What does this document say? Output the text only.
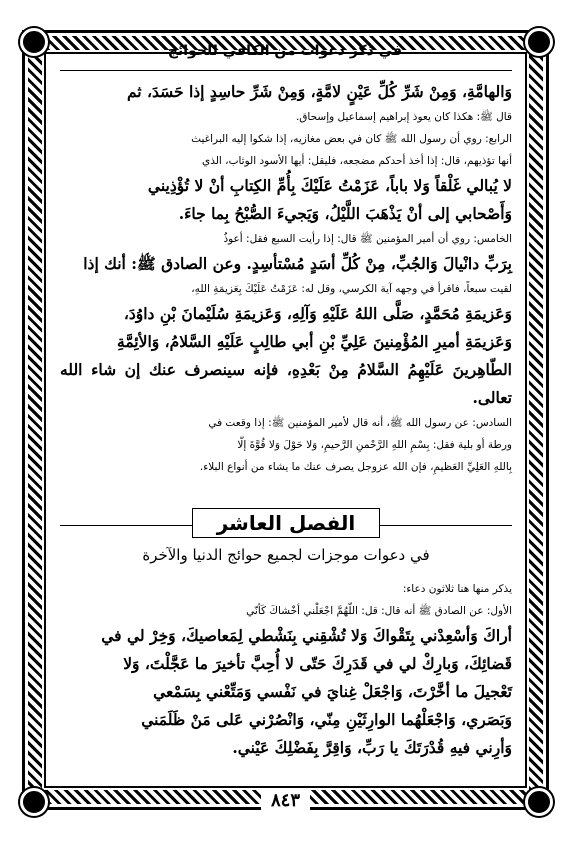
في ذكر دعوات من الكافي للحوائج

وَالهامَّةِ، وَمِنْ شَرِّ كُلِّ عَيْنٍ لامَّةٍ، وَمِنْ شَرِّ حاسِدٍ إذا حَسَدَ، ثم

قال ﷺ: هكذا كان يعوذ إبراهيم إسماعيل وإسحاق.

الرابع: روي أن رسول الله ﷺ كان في بعض مغازيه، إذا شكوا إليه البراغيث

أنها تؤذيهم، قال: إذا أخذ أحدكم مضجعه، فليقل: أيها الأسود الوثاب، الذي

لا يُبالي غَلْقاً وَلا باباً، عَزَمْتُ عَلَيْكَ بِأُمِّ الكِتابِ أنْ لا تُؤْذِيني

وَأَصْحابي إلى أنْ يَذْهَبَ اللَّيْلُ، وَيَجيءَ الصُّبْحُ بِما جاءَ.

الخامس: روي أن أمير المؤمنين ﷺ قال: إذا رأيت السبع فقل: أعوذُ

بِرَبِّ دانْيالَ وَالجُبِّ، مِنْ كُلِّ أسَدٍ مُسْتأسِدٍ. وعن الصادق ﷺ: أنك إذا

لقيت سبعاً، فاقرأ في وجهه آية الكرسي، وقل له: عَزَمْتُ عَلَيْكَ بِعَزيمَةِ اللهِ،

وَعَزيمَةِ مُحَمَّدٍ، صَلَّى اللهُ عَلَيْهِ وَآلِهِ، وَعَزيمَةِ سُلَيْمانَ بْنِ داوُدَ،

وَعَزيمَةِ أميرِ المُؤْمِنينَ عَلِيِّ بْنِ أبي طالِبٍ عَلَيْهِ السَّلامُ، وَالأئِمَّةِ

الطّاهِرينَ عَلَيْهِمُ السَّلامُ مِنْ بَعْدِهِ، فإنه سينصرف عنك إن شاء الله تعالى.

السادس: عن رسول الله ﷺ، أنه قال لأمير المؤمنين ﷺ: إذا وقعت في

ورطة أو بلية فقل: بِسْمِ اللهِ الرَّحْمنِ الرَّحيمِ، وَلا حَوْلَ وَلا قُوَّةَ إلّا

بِاللهِ العَلِيِّ العَظيمِ، فإن الله عزوجل يصرف عنك ما يشاء من أنواع البلاء.

الفصل العاشر
في دعوات موجزات لجميع حوائج الدنيا والآخرة

يذكر منها هنا ثلاثون دعاء:

الأول: عن الصادق ﷺ أنه قال: قل: اللّهُمَّ اجْعَلْني أخْشاكَ كَأنّي

أراكَ وَأسْعِدْني بِتَقْواكَ وَلا تُشْقِني بِنَشْطي لِمَعاصيكَ، وَخِرْ لي في

قَضائِكَ، وَبارِكْ لي في قَدَرِكَ حَتّى لا أُحِبَّ تأخيرَ ما عَجَّلْتَ، وَلا

تَعْجيلَ ما أخَّرْتَ، وَاجْعَلْ غِنايَ في نَفْسي وَمَتِّعْني بِسَمْعي

وَبَصَري، وَاجْعَلْهُما الوارِثَيْنِ مِنّي، وَانْصُرْني عَلى مَنْ ظَلَمَني

وَأرِني فيهِ قُدْرَتَكَ يا رَبِّ، وَاقِرَّ بِفَضْلِكَ عَيْني.

٨٤٣
